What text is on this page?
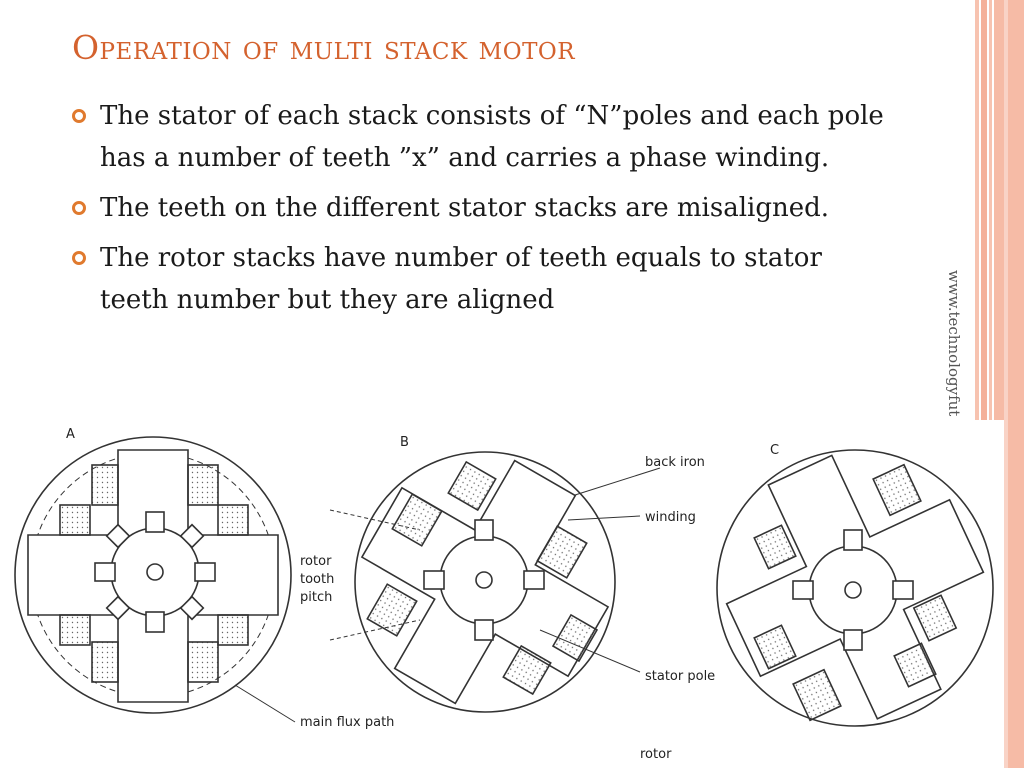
Operation of multi stack motor
The stator of each stack consists of “N”poles and each pole has a number of teeth ”x” and carries a phase winding.
The teeth on the different stator stacks are misaligned.
The rotor stacks have number of teeth equals to stator teeth number but they are aligned	www.technologyfut
A
B
back iron
winding
rotor
tooth
pitch
stator pole
main flux path
rotor
C
